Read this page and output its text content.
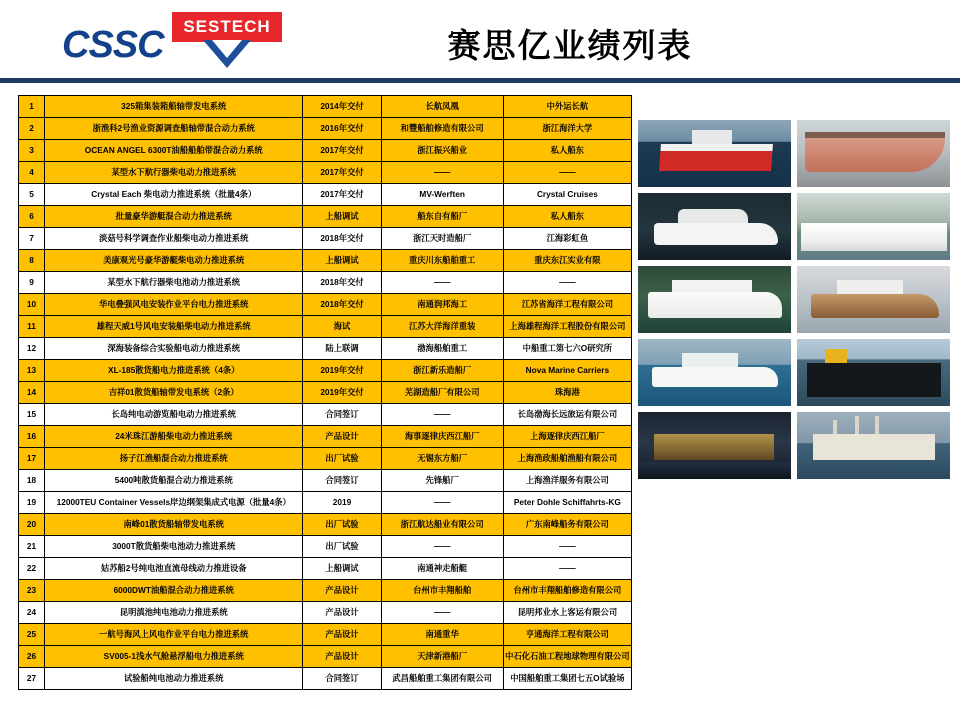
CSSC	SESTECH
赛思亿业绩列表
1	325箱集装箱船轴带发电系统	2014年交付	长航凤凰	中外运长航
2	浙渔科2号渔业资源调查船轴带混合动力系统	2016年交付	和豐船舶修造有限公司	浙江海洋大学
3	OCEAN ANGEL 6300T油船船舶带混合动力系统	2017年交付	浙江振兴船业	私人船东
4	某型水下航行器柴电动力推进系统	2017年交付	——	——
5	Crystal Each 柴电动力推进系统（批量4条）	2017年交付	MV-Werften	Crystal Cruises
6	批量豪华游艇混合动力推进系统	上船调试	船东自有船厂	私人船东
7	淡菇号科学调查作业船柴电动力推进系统	2018年交付	浙江天时造船厂	江海彩虹鱼
8	美康观光号豪华游艇柴电动力推进系统	上船调试	重庆川东船舶重工	重庆东江实业有限
9	某型水下航行器柴电池动力推进系统	2018年交付	——	——
10	华电叠强风电安装作业平台电力推进系统	2018年交付	南通润邦海工	江苏省海洋工程有限公司
11	雄程天威1号风电安装船柴电动力推进系统	海试	江苏大洋海洋重装	上海雄程海洋工程股份有限公司
12	深海装备综合实验船电动力推进系统	陆上联调	渤海船舶重工	中船重工第七六O研究所
13	XL-185散货船电力推进系统（4条）	2019年交付	浙江新乐造船厂	Nova Marine Carriers
14	吉祥01散货船轴带发电系统（2条）	2019年交付	芜湖造船厂有限公司	珠海港
15	长岛纯电动游览船电动力推进系统	合同签订	——	长岛渤海长远旅运有限公司
16	24米珠江游船柴电动力推进系统	产品设计	海事逐律庆西江船厂	上海逐律庆西江船厂
17	扬子江渔船混合动力推进系统	出厂试验	无锡东方船厂	上海渔政船舶渔船有限公司
18	5400吨散货船混合动力推进系统	合同签订	先锋船厂	上海渔洋服务有限公司
19	12000TEU Container Vessels岸边纲架集成式电源（批量4条）	2019	——	Peter Dohle Schiffahrts-KG
20	南峰01散货船轴带发电系统	出厂试验	浙江航达船业有限公司	广东南峰船务有限公司
21	3000T散货船柴电池动力推进系统	出厂试验	——	——
22	姑苏船2号纯电池直流母线动力推进设备	上船调试	南通神走船艇	——
23	6000DWT油船混合动力推进系统	产品设计	台州市丰翔船舶	台州市丰翔船舶修造有限公司
24	昆明滇池纯电池动力推进系统	产品设计	——	昆明邦业水上客运有限公司
25	一航号海风上风电作业平台电力推进系统	产品设计	南通重华	亨通海洋工程有限公司
26	SV005-1浅水气舱悬浮船电力推进系统	产品设计	天津新港船厂	中石化石油工程地球物理有限公司
27	试验船纯电池动力推进系统	合同签订	武昌船舶重工集团有限公司	中国船舶重工集团七五O试验场
